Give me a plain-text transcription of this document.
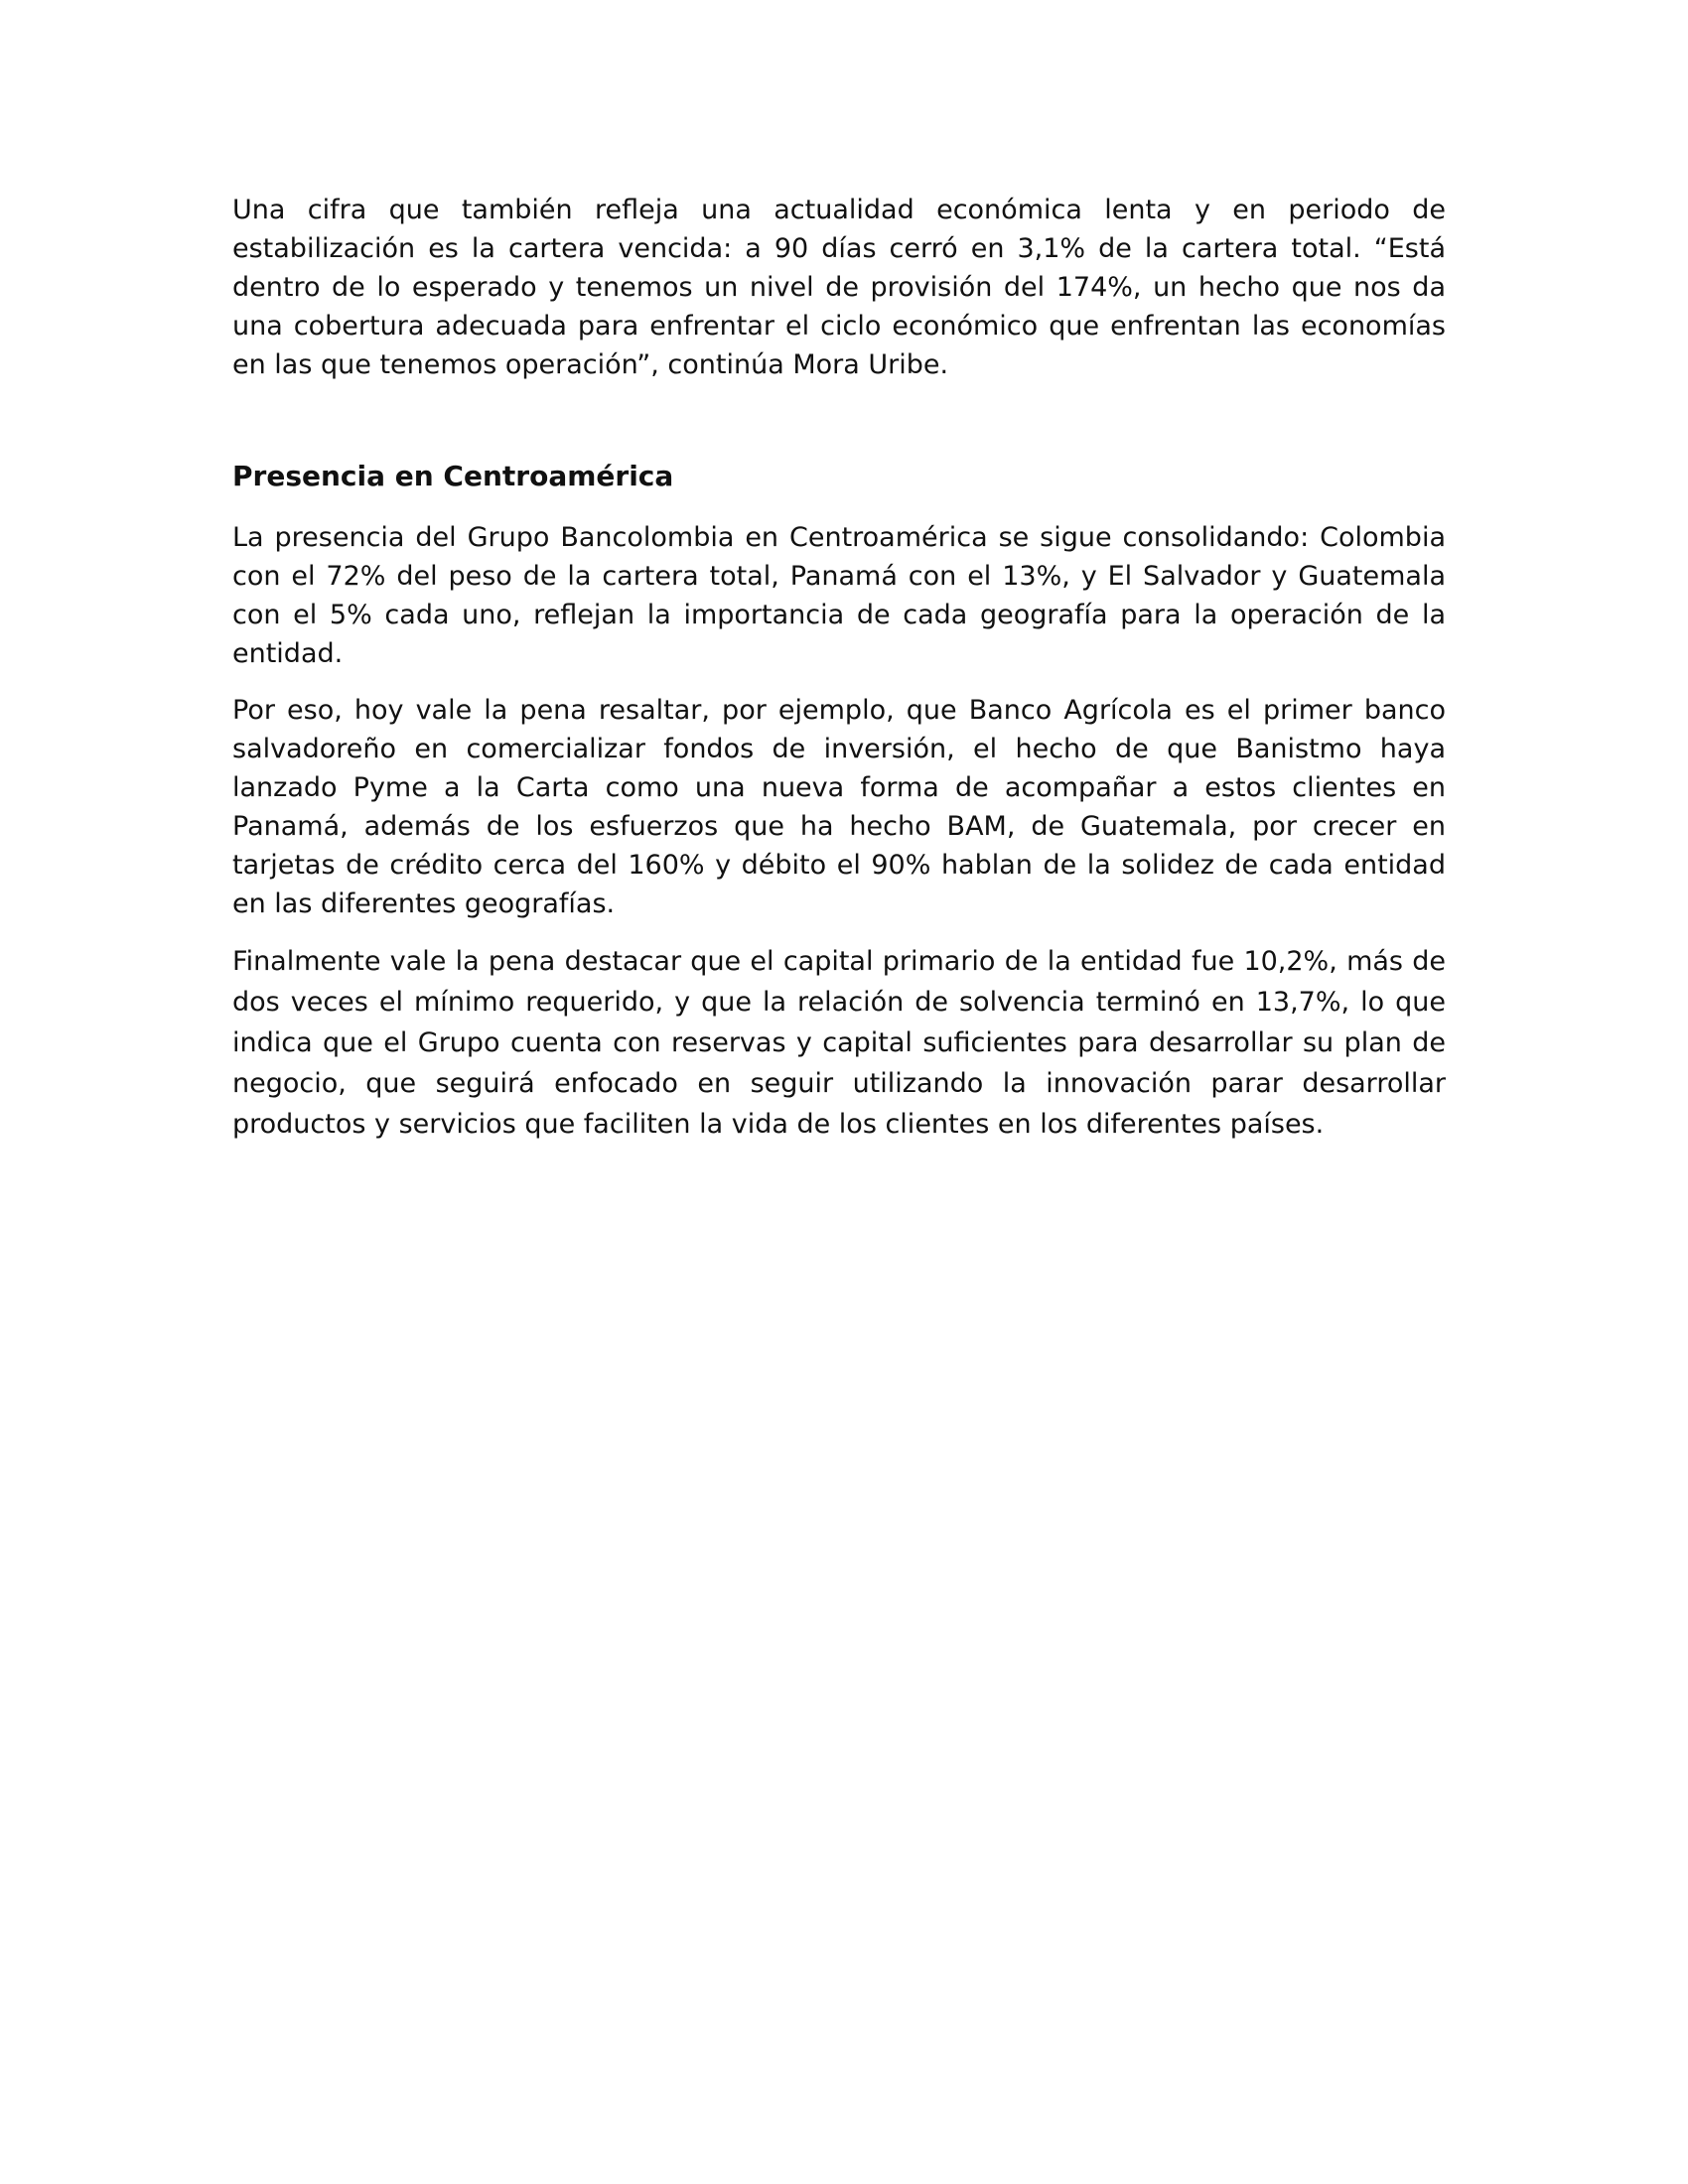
Una cifra que también refleja una actualidad económica lenta y en periodo de estabilización es la cartera vencida: a 90 días cerró en 3,1% de la cartera total. “Está dentro de lo esperado y tenemos un nivel de provisión del 174%, un hecho que nos da una cobertura adecuada para enfrentar el ciclo económico que enfrentan las economías en las que tenemos operación”, continúa Mora Uribe.

Presencia en Centroamérica

La presencia del Grupo Bancolombia en Centroamérica se sigue consolidando: Colombia con el 72% del peso de la cartera total, Panamá con el 13%, y El Salvador y Guatemala con el 5% cada uno, reflejan la importancia de cada geografía para la operación de la entidad.

Por eso, hoy vale la pena resaltar, por ejemplo, que Banco Agrícola es el primer banco salvadoreño en comercializar fondos de inversión, el hecho de que Banistmo haya lanzado Pyme a la Carta como una nueva forma de acompañar a estos clientes en Panamá, además de los esfuerzos que ha hecho BAM, de Guatemala, por crecer en tarjetas de crédito cerca del 160% y débito el 90% hablan de la solidez de cada entidad en las diferentes geografías.

Finalmente vale la pena destacar que el capital primario de la entidad fue 10,2%, más de dos veces el mínimo requerido, y que la relación de solvencia terminó en 13,7%, lo que indica que el Grupo cuenta con reservas y capital suficientes para desarrollar su plan de negocio, que seguirá enfocado en seguir utilizando la innovación parar desarrollar productos y servicios que faciliten la vida de los clientes en los diferentes países.
